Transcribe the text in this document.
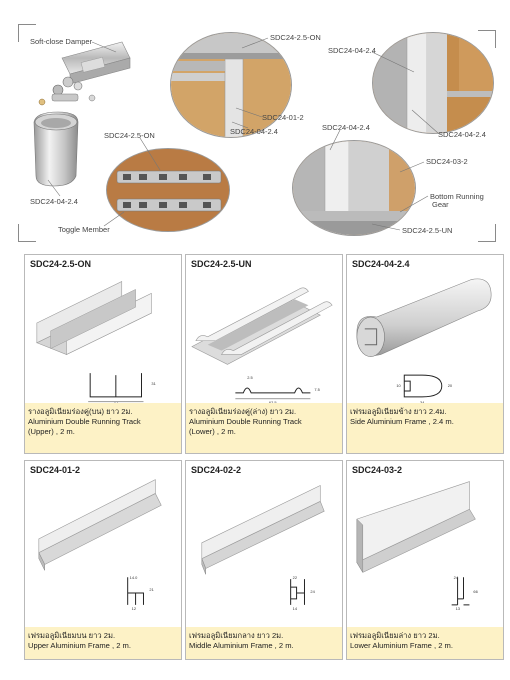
Soft-close Damper
SDC24-04-2.4
Toggle Member
SDC24-2.5-ON
SDC24-2.5-ON
SDC24-01-2
SDC24-04-2.4
SDC24-04-2.4
SDC24-04-2.4
SDC24-04-2.4
SDC24-03-2
Bottom Running
Gear
SDC24-2.5-UN
SDC24-2.5-ON
31
รางอลูมิเนียมร่องคู่(บน) ยาว 2ม.
Aluminium Double Running Track
(Upper) , 2 m.
SDC24-2.5-UN
2.5
7.5
รางอลูมิเนียมร่องคู่(ล่าง) ยาว 2ม.
Aluminium Double Running Track
(Lower) , 2 m.
SDC24-04-2.4
10	20
เฟรมอลูมิเนียมข้าง ยาว 2.4ม.
Side Aluminium Frame , 2.4 m.
SDC24-01-2
14.0
21
12
เฟรมอลูมิเนียมบน ยาว 2ม.
Upper Aluminium Frame , 2 m.
SDC24-02-2
22
24
14
เฟรมอลูมิเนียมกลาง ยาว 2ม.
Middle Aluminium Frame , 2 m.
SDC24-03-2
24
66
13
เฟรมอลูมิเนียมล่าง ยาว 2ม.
Lower Aluminium Frame , 2 m.
